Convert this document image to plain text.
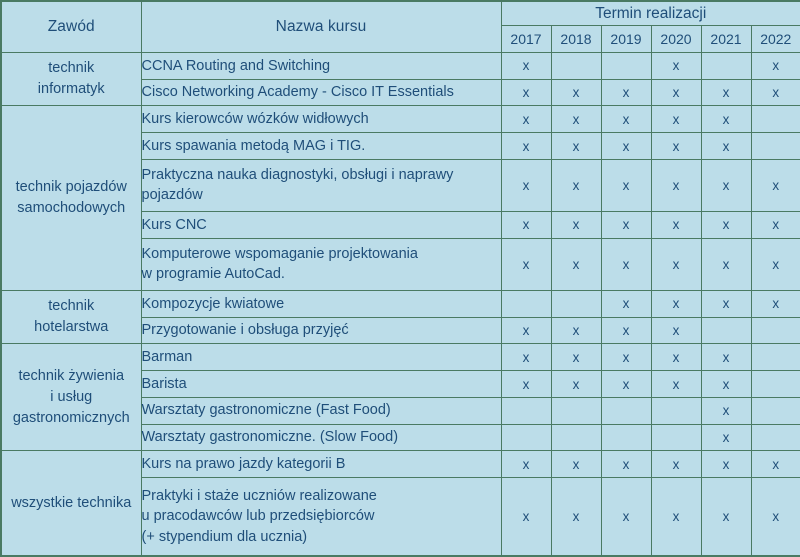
Zawód	Nazwa kursu	Termin realizacji					
		2017	2018	2019	2020	2021	2022
technik
informatyk	CCNA Routing and Switching	x			x		x
	Cisco Networking Academy - Cisco IT Essentials	x	x	x	x	x	x
technik pojazdów
samochodowych	Kurs kierowców wózków widłowych	x	x	x	x	x	
	Kurs spawania metodą MAG i TIG.	x	x	x	x	x	
	Praktyczna nauka diagnostyki, obsługi i naprawy
pojazdów	x	x	x	x	x	x
	Kurs CNC	x	x	x	x	x	x
	Komputerowe wspomaganie projektowania
w programie AutoCad.	x	x	x	x	x	x
technik
hotelarstwa	Kompozycje kwiatowe			x	x	x	x
	Przygotowanie i obsługa przyjęć	x	x	x	x		
technik żywienia
i usług
gastronomicznych	Barman	x	x	x	x	x	
	Barista	x	x	x	x	x	
	Warsztaty gastronomiczne (Fast Food)					x	
	Warsztaty gastronomiczne. (Slow Food)					x	
wszystkie technika	Kurs na prawo jazdy kategorii B	x	x	x	x	x	x
	Praktyki i staże uczniów realizowane
u pracodawców lub przedsiębiorców
(+ stypendium dla ucznia)	x	x	x	x	x	x
